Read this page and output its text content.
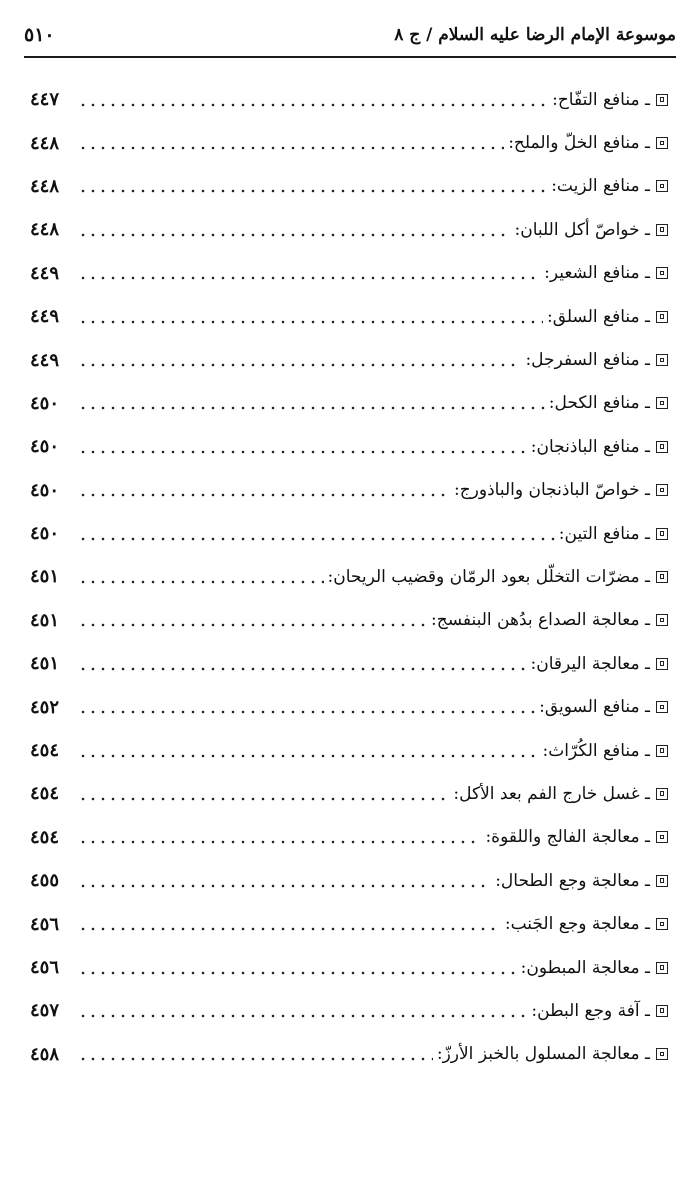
موسوعة الإمام الرضا عليه السلام / ج ٨
٥١٠
ـ منافع التفّاح:
٤٤٧
ـ منافع الخلّ والملح:
٤٤٨
ـ منافع الزيت:
٤٤٨
ـ خواصّ أكل اللبان:
٤٤٨
ـ منافع الشعير:
٤٤٩
ـ منافع السلق:
٤٤٩
ـ منافع السفرجل:
٤٤٩
ـ منافع الكحل:
٤٥٠
ـ منافع الباذنجان:
٤٥٠
ـ خواصّ الباذنجان والباذورج:
٤٥٠
ـ منافع التين:
٤٥٠
ـ مضرّات التخلّل بعود الرمّان وقضيب الريحان:
٤٥١
ـ معالجة الصداع بدُهن البنفسج:
٤٥١
ـ معالجة اليرقان:
٤٥١
ـ منافع السويق:
٤٥٢
ـ منافع الكُرّاث:
٤٥٤
ـ غسل خارج الفم بعد الأكل:
٤٥٤
ـ معالجة الفالج واللقوة:
٤٥٤
ـ معالجة وجع الطحال:
٤٥٥
ـ معالجة وجع الجَنب:
٤٥٦
ـ معالجة المبطون:
٤٥٦
ـ آفة وجع البطن:
٤٥٧
ـ معالجة المسلول بالخبز الأرزّ:
٤٥٨
